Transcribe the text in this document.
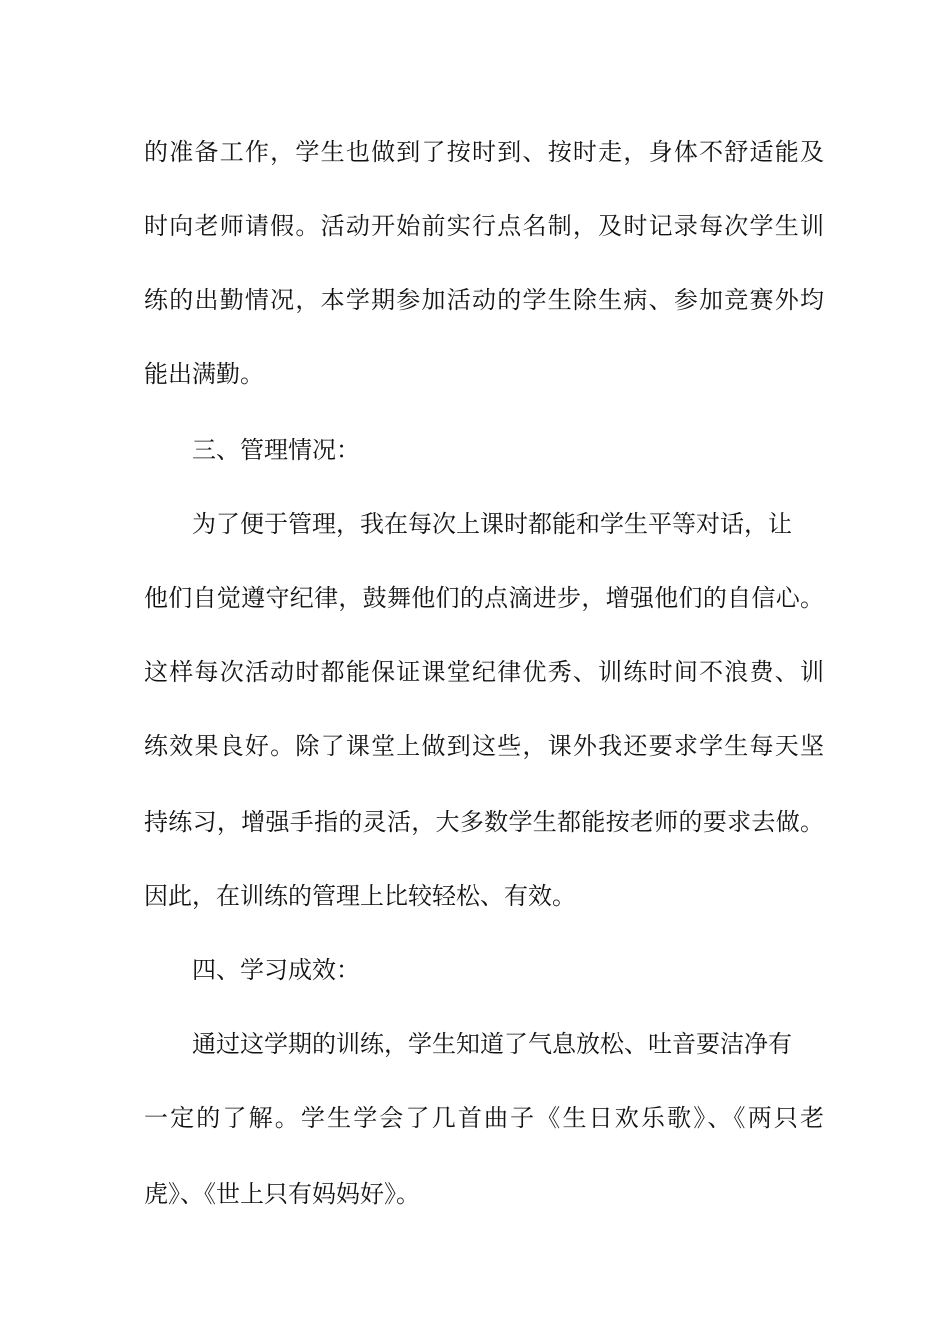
的准备工作，学生也做到了按时到、按时走，身体不舒适能及
时向老师请假。活动开始前实行点名制，及时记录每次学生训
练的出勤情况，本学期参加活动的学生除生病、参加竞赛外均
能出满勤。
三、管理情况：
为了便于管理，我在每次上课时都能和学生平等对话，让
他们自觉遵守纪律，鼓舞他们的点滴进步，增强他们的自信心。
这样每次活动时都能保证课堂纪律优秀、训练时间不浪费、训
练效果良好。除了课堂上做到这些，课外我还要求学生每天坚
持练习，增强手指的灵活，大多数学生都能按老师的要求去做。
因此，在训练的管理上比较轻松、有效。
四、学习成效：
通过这学期的训练，学生知道了气息放松、吐音要洁净有
一定的了解。学生学会了几首曲子《生日欢乐歌》、《两只老
虎》、《世上只有妈妈好》。
